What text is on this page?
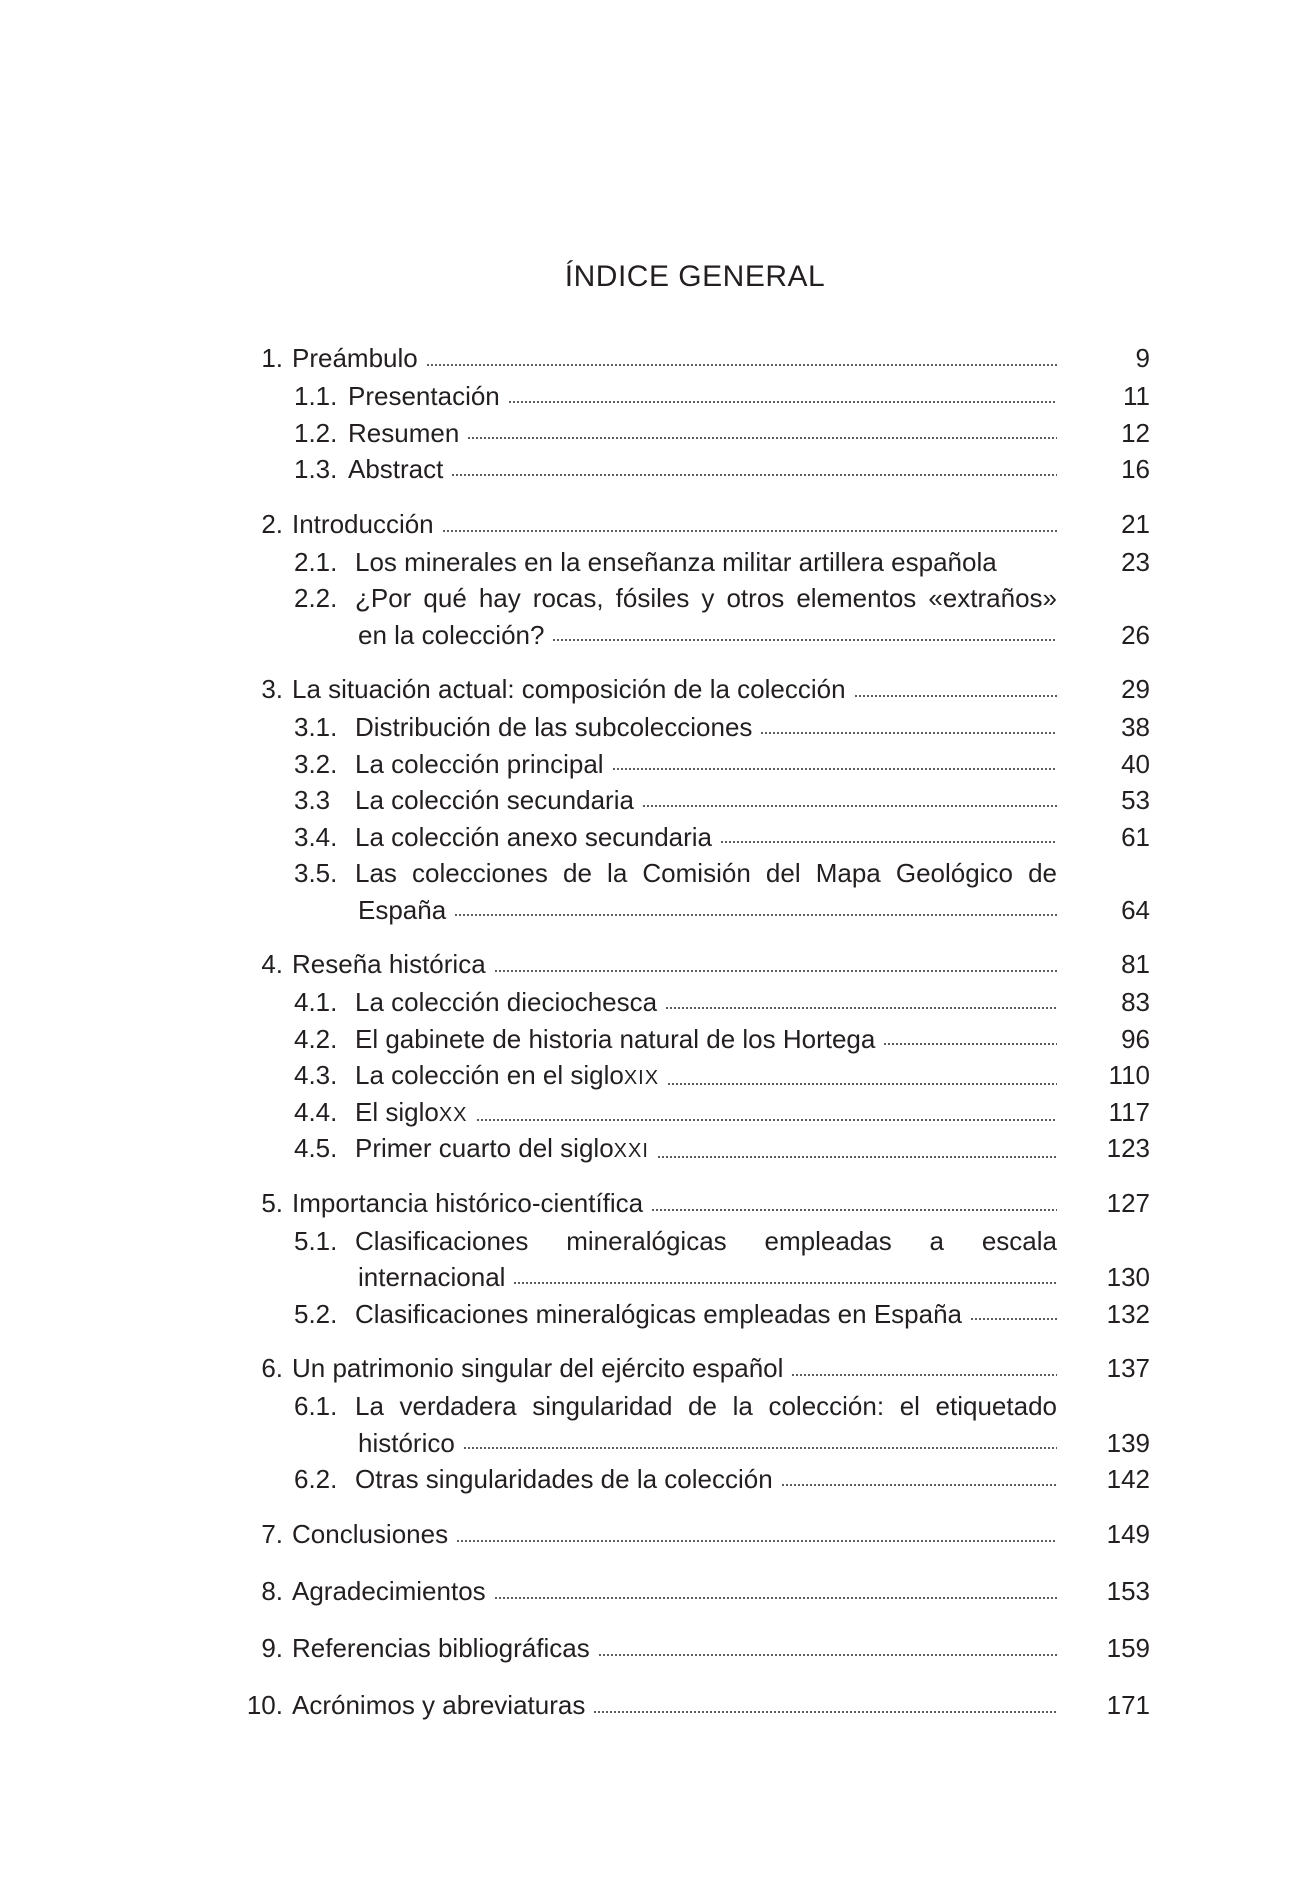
ÍNDICE GENERAL
1. Preámbulo	9
1.1. Presentación	11
1.2. Resumen	12
1.3. Abstract	16
2. Introducción	21
2.1. Los minerales en la enseñanza militar artillera española	23
2.2. ¿Por qué hay rocas, fósiles y otros elementos «extraños»
en la colección?	26
3. La situación actual: composición de la colección	29
3.1. Distribución de las subcolecciones	38
3.2. La colección principal	40
3.3 La colección secundaria	53
3.4. La colección anexo secundaria	61
3.5. Las colecciones de la Comisión del Mapa Geológico de
España	64
4. Reseña histórica	81
4.1. La colección dieciochesca	83
4.2. El gabinete de historia natural de los Hortega	96
4.3. La colección en el siglo XIX	110
4.4. El siglo XX	117
4.5. Primer cuarto del siglo XXI	123
5. Importancia histórico-científica	127
5.1. Clasificaciones mineralógicas empleadas a escala
internacional	130
5.2. Clasificaciones mineralógicas empleadas en España	132
6. Un patrimonio singular del ejército español	137
6.1. La verdadera singularidad de la colección: el etiquetado
histórico	139
6.2. Otras singularidades de la colección	142
7. Conclusiones	149
8. Agradecimientos	153
9. Referencias bibliográficas	159
10. Acrónimos y abreviaturas	171
